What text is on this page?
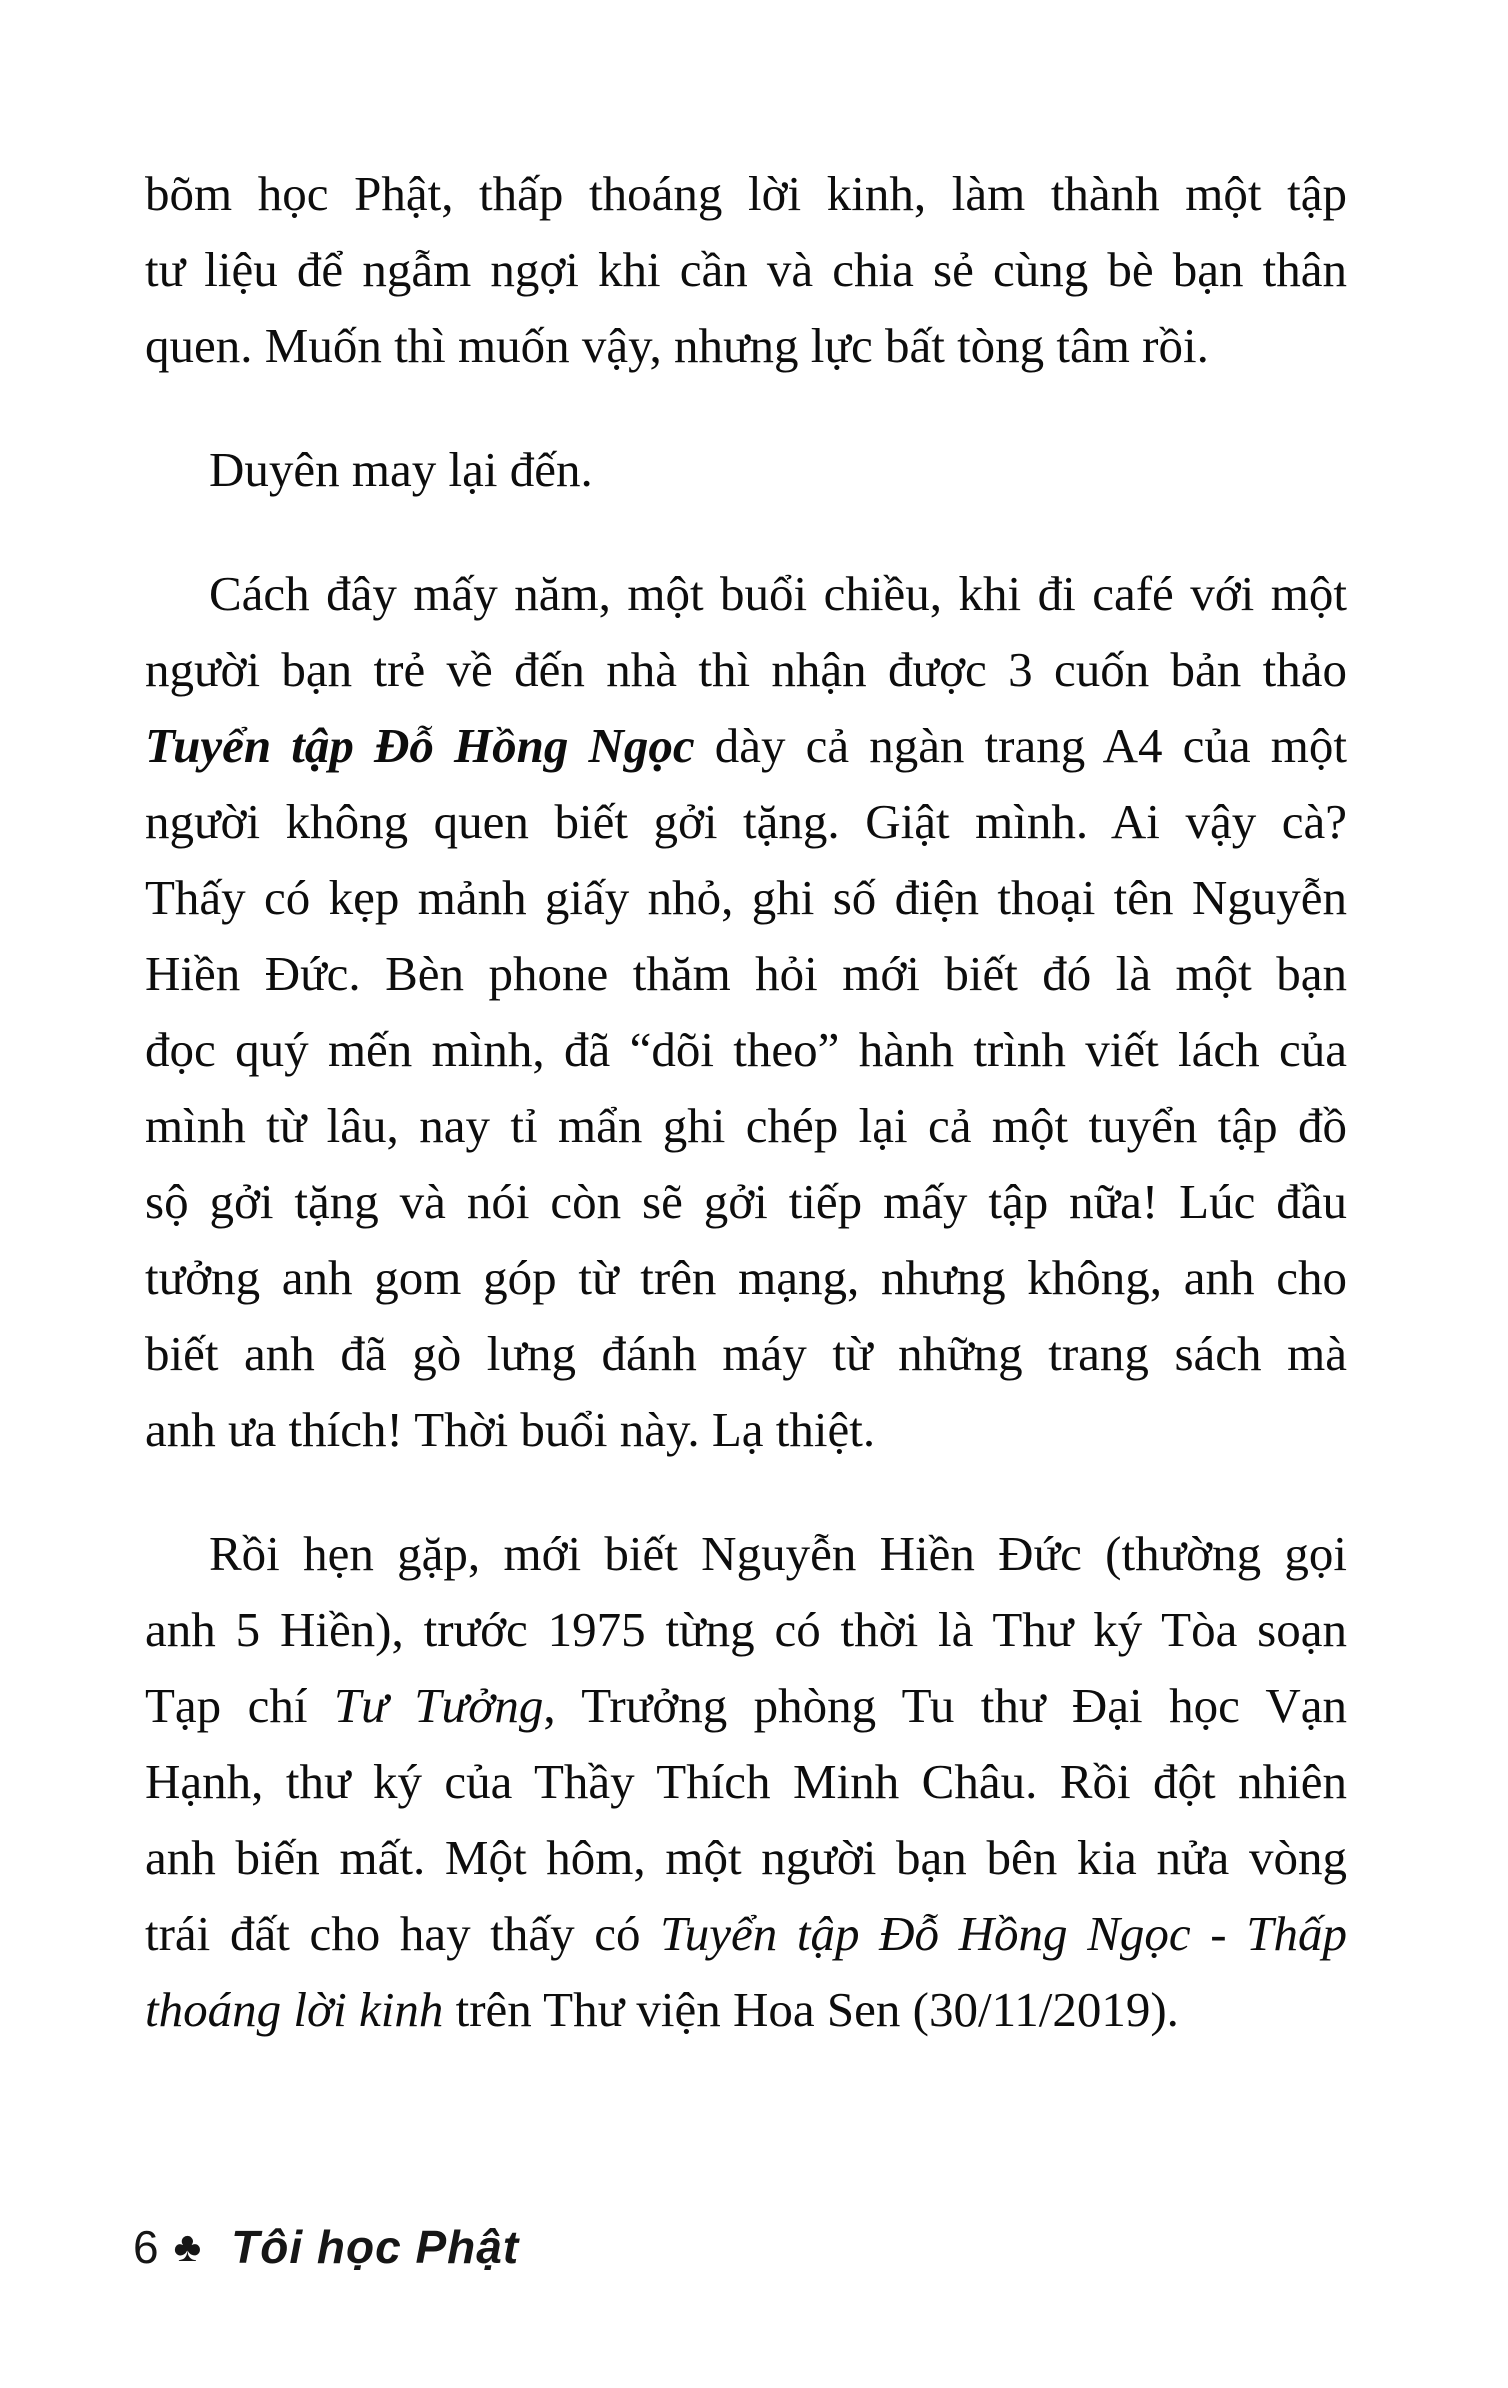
bõm học Phật, thấp thoáng lời kinh, làm thành một tập
tư liệu để ngẫm ngợi khi cần và chia sẻ cùng bè bạn thân
quen. Muốn thì muốn vậy, nhưng lực bất tòng tâm rồi.
Duyên may lại đến.
Cách đây mấy năm, một buổi chiều, khi đi café với một
người bạn trẻ về đến nhà thì nhận được 3 cuốn bản thảo
Tuyển tập Đỗ Hồng Ngọc dày cả ngàn trang A4 của một
người không quen biết gởi tặng. Giật mình. Ai vậy cà?
Thấy có kẹp mảnh giấy nhỏ, ghi số điện thoại tên Nguyễn
Hiền Đức. Bèn phone thăm hỏi mới biết đó là một bạn
đọc quý mến mình, đã “dõi theo” hành trình viết lách của
mình từ lâu, nay tỉ mẩn ghi chép lại cả một tuyển tập đồ
sộ gởi tặng và nói còn sẽ gởi tiếp mấy tập nữa! Lúc đầu
tưởng anh gom góp từ trên mạng, nhưng không, anh cho
biết anh đã gò lưng đánh máy từ những trang sách mà
anh ưa thích! Thời buổi này. Lạ thiệt.
Rồi hẹn gặp, mới biết Nguyễn Hiền Đức (thường gọi
anh 5 Hiền), trước 1975 từng có thời là Thư ký Tòa soạn
Tạp chí Tư Tưởng, Trưởng phòng Tu thư Đại học Vạn
Hạnh, thư ký của Thầy Thích Minh Châu. Rồi đột nhiên
anh biến mất. Một hôm, một người bạn bên kia nửa vòng
trái đất cho hay thấy có Tuyển tập Đỗ Hồng Ngọc - Thấp
thoáng lời kinh trên Thư viện Hoa Sen (30/11/2019).
6 ♣ Tôi học Phật
